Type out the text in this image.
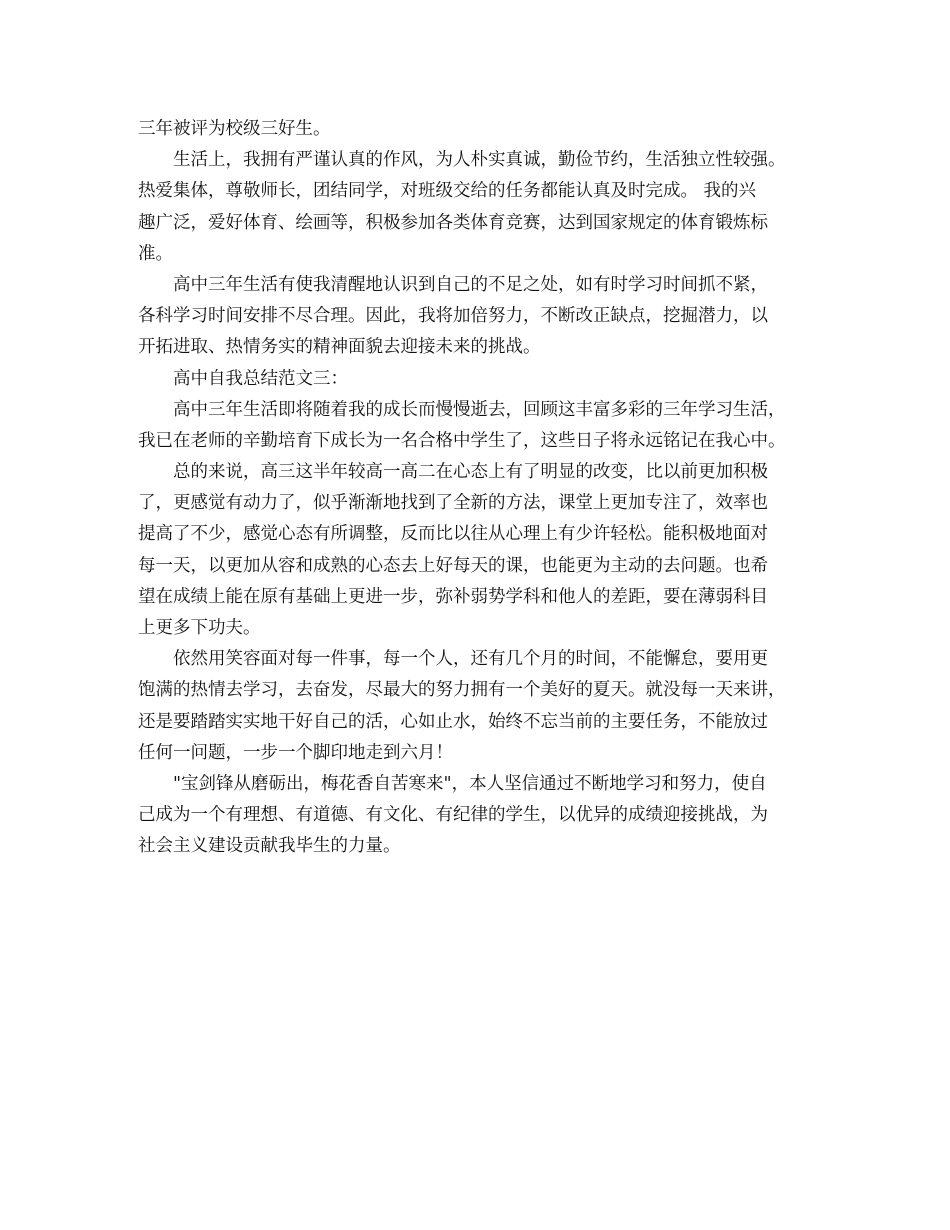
三年被评为校级三好生。
生活上，我拥有严谨认真的作风，为人朴实真诚，勤俭节约，生活独立性较强。
热爱集体，尊敬师长，团结同学，对班级交给的任务都能认真及时完成。 我的兴
趣广泛，爱好体育、绘画等，积极参加各类体育竞赛，达到国家规定的体育锻炼标
准。
高中三年生活有使我清醒地认识到自己的不足之处，如有时学习时间抓不紧，
各科学习时间安排不尽合理。因此，我将加倍努力，不断改正缺点，挖掘潜力，以
开拓进取、热情务实的精神面貌去迎接未来的挑战。
高中自我总结范文三：
高中三年生活即将随着我的成长而慢慢逝去，回顾这丰富多彩的三年学习生活，
我已在老师的辛勤培育下成长为一名合格中学生了，这些日子将永远铭记在我心中。
总的来说，高三这半年较高一高二在心态上有了明显的改变，比以前更加积极
了，更感觉有动力了，似乎渐渐地找到了全新的方法，课堂上更加专注了，效率也
提高了不少，感觉心态有所调整，反而比以往从心理上有少许轻松。能积极地面对
每一天，以更加从容和成熟的心态去上好每天的课，也能更为主动的去问题。也希
望在成绩上能在原有基础上更进一步，弥补弱势学科和他人的差距，要在薄弱科目
上更多下功夫。
依然用笑容面对每一件事，每一个人，还有几个月的时间，不能懈怠，要用更
饱满的热情去学习，去奋发，尽最大的努力拥有一个美好的夏天。就没每一天来讲，
还是要踏踏实实地干好自己的活，心如止水，始终不忘当前的主要任务，不能放过
任何一问题，一步一个脚印地走到六月！
"宝剑锋从磨砺出，梅花香自苦寒来"，本人坚信通过不断地学习和努力，使自
己成为一个有理想、有道德、有文化、有纪律的学生，以优异的成绩迎接挑战，为
社会主义建设贡献我毕生的力量。
